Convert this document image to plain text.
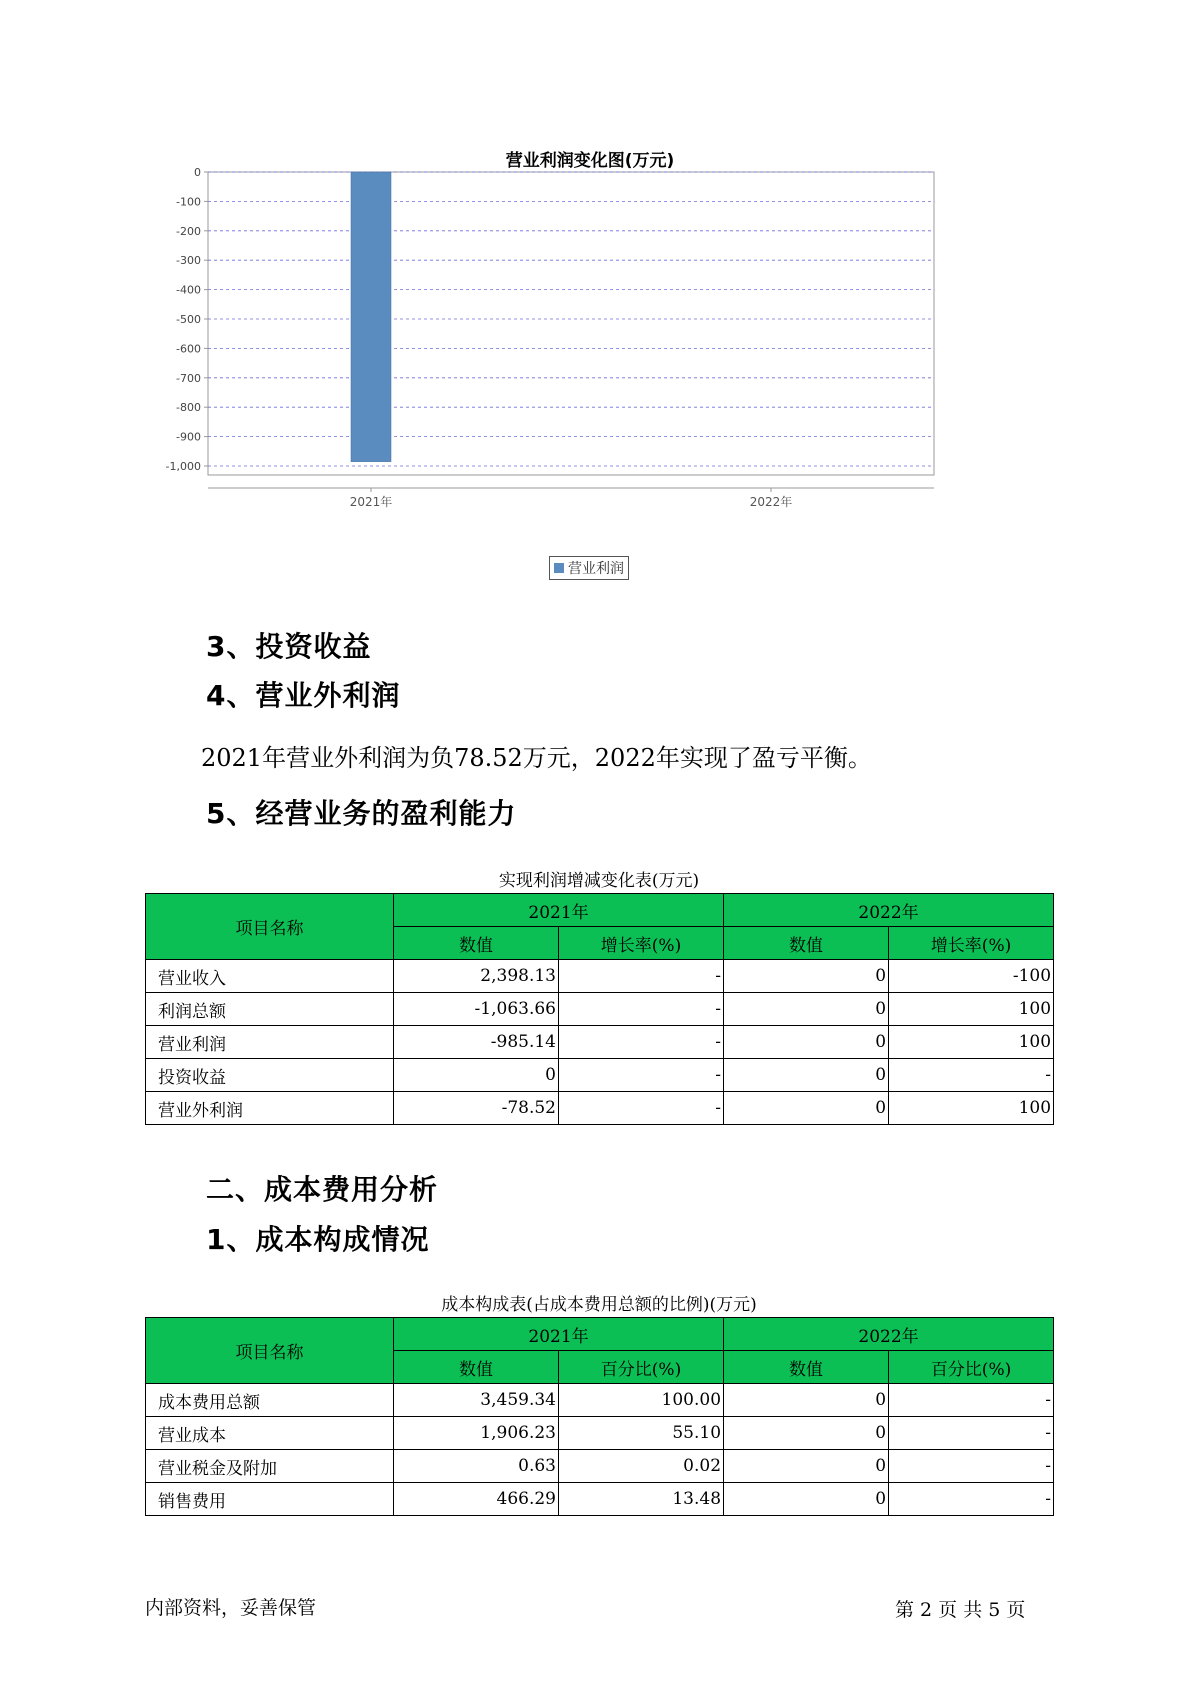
0
-100
-200
-300
-400
-500
-600
-700
-800
-900
-1,000
2021年	2022年
营业利润变化图(万元)
营业利润
3、投资收益
4、营业外利润
2021年营业外利润为负78.52万元，2022年实现了盈亏平衡。
5、经营业务的盈利能力
实现利润增减变化表(万元)
项目名称	2021年		2022年	
	数值	增长率(%)	数值	增长率(%)
营业收入	2,398.13	-	0	-100
利润总额	-1,063.66	-	0	100
营业利润	-985.14	-	0	100
投资收益	0	-	0	-
营业外利润	-78.52	-	0	100
二、成本费用分析
1、成本构成情况
成本构成表(占成本费用总额的比例)(万元)
项目名称	2021年		2022年	
	数值	百分比(%)	数值	百分比(%)
成本费用总额	3,459.34	100.00	0	-
营业成本	1,906.23	55.10	0	-
营业税金及附加	0.63	0.02	0	-
销售费用	466.29	13.48	0	-
内部资料，妥善保管	第 2 页 共 5 页
